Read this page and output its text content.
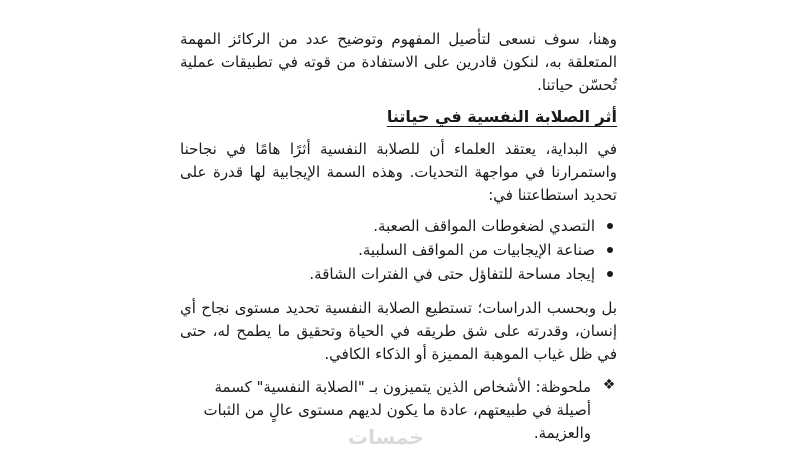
وهنا، سوف نسعى لتأصيل المفهوم وتوضيح عدد من الركائز المهمة المتعلقة به، لنكون قادرين على الاستفادة من قوته في تطبيقات عملية تُحسّن حياتنا.

أثر الصلابة النفسية في حياتنا

في البداية، يعتقد العلماء أن للصلابة النفسية أثرًا هامًا في نجاحنا واستمرارنا في مواجهة التحديات. وهذه السمة الإيجابية لها قدرة على تحديد استطاعتنا في:

التصدي لضغوطات المواقف الصعبة.
صناعة الإيجابيات من المواقف السلبية.
إيجاد مساحة للتفاؤل حتى في الفترات الشاقة.

بل وبحسب الدراسات؛ تستطيع الصلابة النفسية تحديد مستوى نجاح أي إنسان، وقدرته على شق طريقه في الحياة وتحقيق ما يطمح له، حتى في ظل غياب الموهبة المميزة أو الذكاء الكافي.

❖
ملحوظة: الأشخاص الذين يتميزون بـ "الصلابة النفسية" كسمة أصيلة في طبيعتهم، عادة ما يكون لديهم مستوى عالٍ من الثبات والعزيمة.
خمسات
